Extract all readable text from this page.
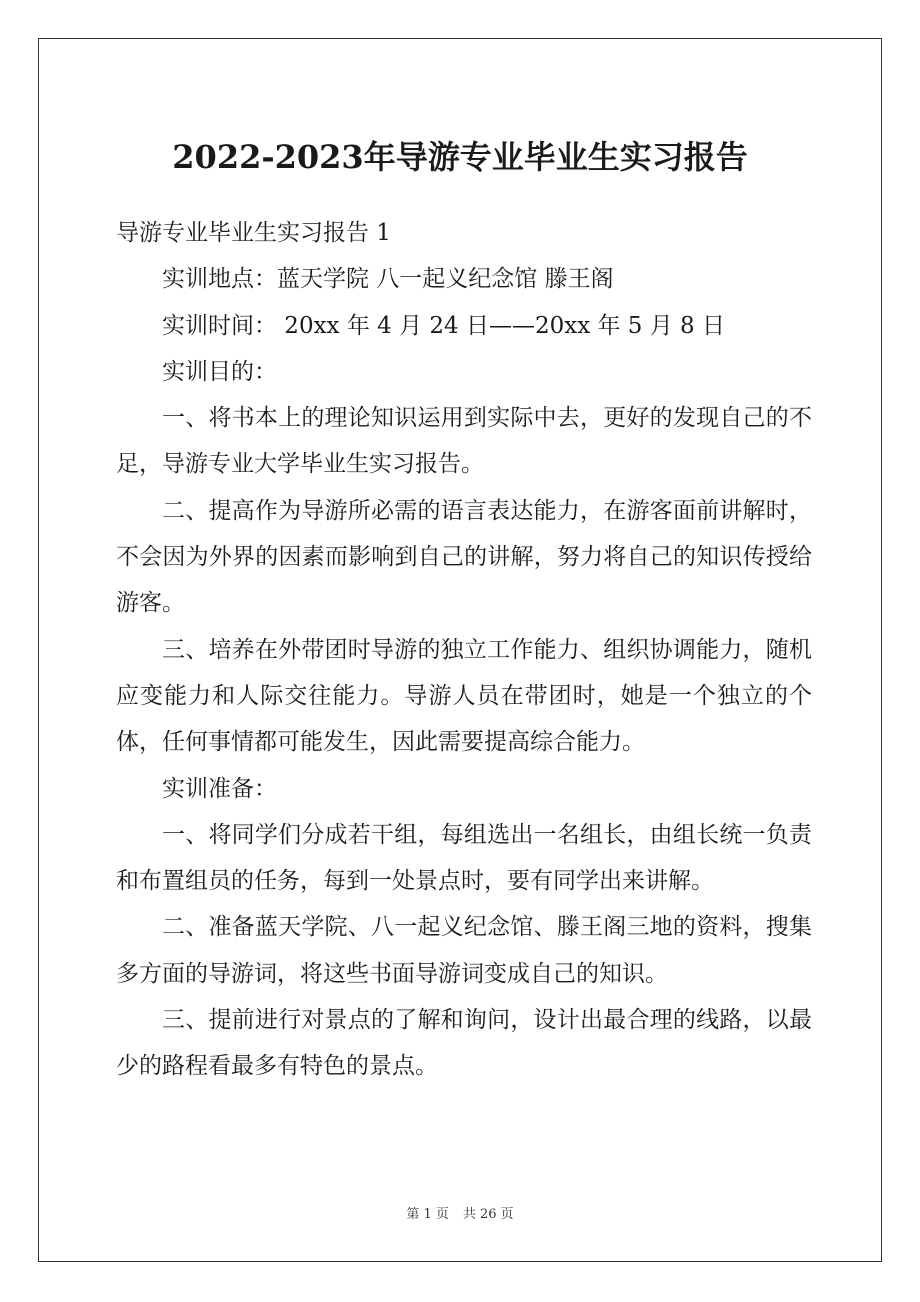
2022-2023年导游专业毕业生实习报告

导游专业毕业生实习报告 1

实训地点：蓝天学院 八一起义纪念馆 滕王阁

实训时间： 20xx 年 4 月 24 日——20xx 年 5 月 8 日

实训目的：

一、将书本上的理论知识运用到实际中去，更好的发现自己的不足，导游专业大学毕业生实习报告。

二、提高作为导游所必需的语言表达能力，在游客面前讲解时，不会因为外界的因素而影响到自己的讲解，努力将自己的知识传授给游客。

三、培养在外带团时导游的独立工作能力、组织协调能力，随机应变能力和人际交往能力。导游人员在带团时，她是一个独立的个体，任何事情都可能发生，因此需要提高综合能力。

实训准备：

一、将同学们分成若干组，每组选出一名组长，由组长统一负责和布置组员的任务，每到一处景点时，要有同学出来讲解。

二、准备蓝天学院、八一起义纪念馆、滕王阁三地的资料，搜集多方面的导游词，将这些书面导游词变成自己的知识。

三、提前进行对景点的了解和询问，设计出最合理的线路，以最少的路程看最多有特色的景点。

第 1 页 共 26 页
